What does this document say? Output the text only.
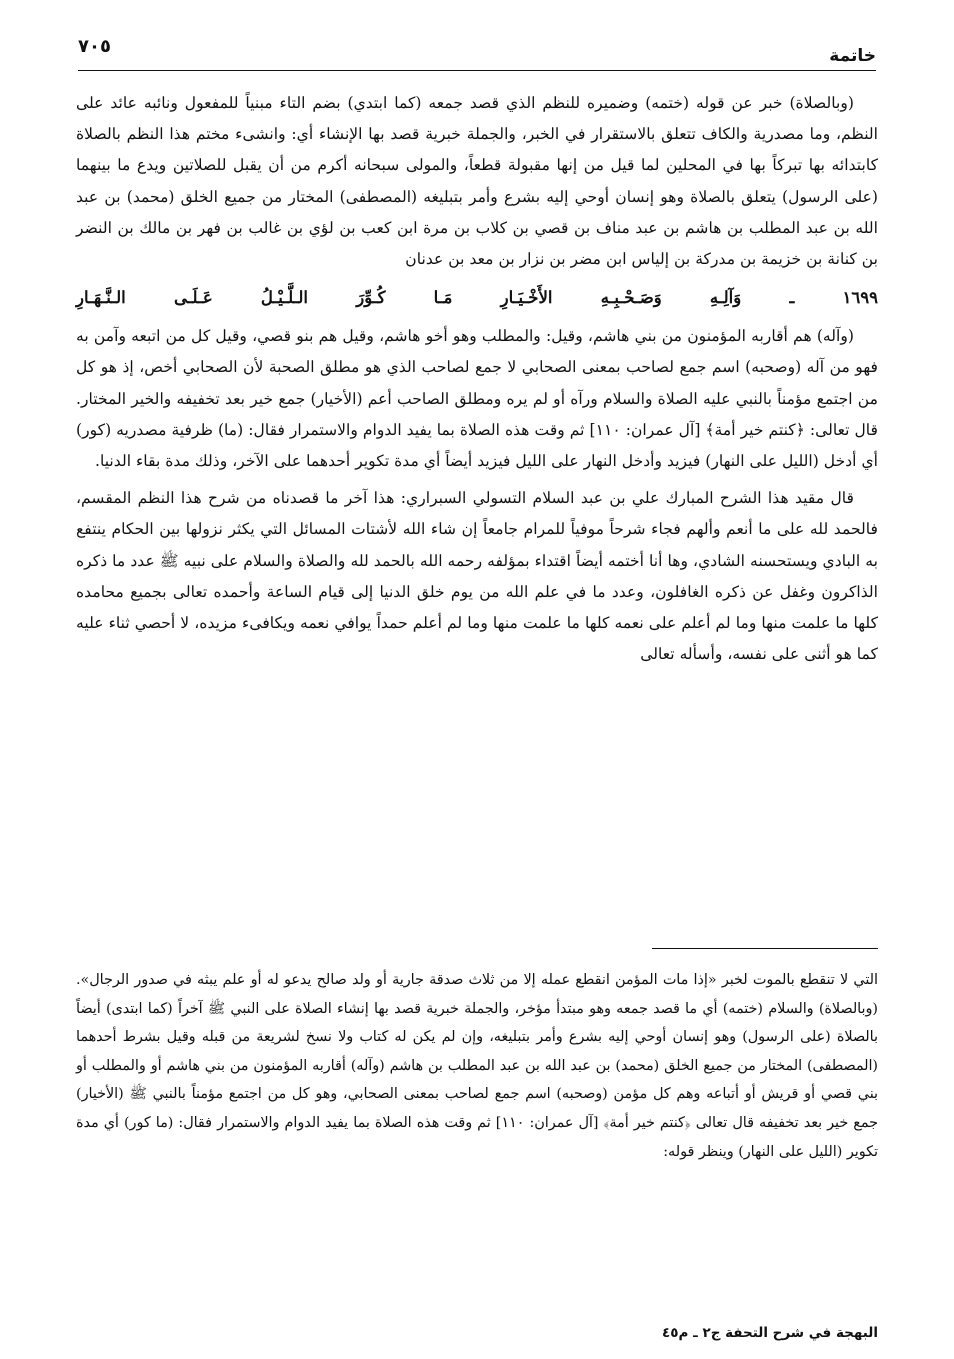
خاتمة
٧٠٥

(وبالصلاة) خبر عن قوله (ختمه) وضميره للنظم الذي قصد جمعه (كما ابتدي) بضم التاء مبنياً للمفعول ونائبه عائد على النظم، وما مصدرية والكاف تتعلق بالاستقرار في الخبر، والجملة خبرية قصد بها الإنشاء أي: وانشىء مختم هذا النظم بالصلاة كابتدائه بها تبركاً بها في المحلين لما قيل من إنها مقبولة قطعاً، والمولى سبحانه أكرم من أن يقبل للصلاتين ويدع ما بينهما (على الرسول) يتعلق بالصلاة وهو إنسان أوحي إليه بشرع وأمر بتبليغه (المصطفى) المختار من جميع الخلق (محمد) بن عبد الله بن عبد المطلب بن هاشم بن عبد مناف بن قصي بن كلاب بن مرة ابن كعب بن لؤي بن غالب بن فهر بن مالك بن النضر بن كنانة بن خزيمة بن مدركة بن إلياس ابن مضر بن نزار بن معد بن عدنان

١٦٩٩ ـ وَآلِـهِ وَصَـحْـبِـهِ الأَخْـيَـارِ مَـا كُـوِّرَ الـلَّـيْـلُ عَـلَـى الـنَّـهَـارِ

(وآله) هم أقاربه المؤمنون من بني هاشم، وقيل: والمطلب وهو أخو هاشم، وقيل هم بنو قصي، وقيل كل من اتبعه وآمن به فهو من آله (وصحبه) اسم جمع لصاحب بمعنى الصحابي لا جمع لصاحب الذي هو مطلق الصحبة لأن الصحابي أخص، إذ هو كل من اجتمع مؤمناً بالنبي عليه الصلاة والسلام ورآه أو لم يره ومطلق الصاحب أعم (الأخيار) جمع خير بعد تخفيفه والخير المختار. قال تعالى: ﴿كنتم خير أمة﴾ [آل عمران: ١١٠] ثم وقت هذه الصلاة بما يفيد الدوام والاستمرار فقال: (ما) ظرفية مصدريه (كور) أي أدخل (الليل على النهار) فيزيد وأدخل النهار على الليل فيزيد أيضاً أي مدة تكوير أحدهما على الآخر، وذلك مدة بقاء الدنيا.

قال مقيد هذا الشرح المبارك علي بن عبد السلام التسولي السبراري: هذا آخر ما قصدناه من شرح هذا النظم المقسم، فالحمد لله على ما أنعم وألهم فجاء شرحاً موفياً للمرام جامعاً إن شاء الله لأشتات المسائل التي يكثر نزولها بين الحكام ينتفع به البادي ويستحسنه الشادي، وها أنا أختمه أيضاً اقتداء بمؤلفه رحمه الله بالحمد لله والصلاة والسلام على نبيه ﷺ عدد ما ذكره الذاكرون وغفل عن ذكره الغافلون، وعدد ما في علم الله من يوم خلق الدنيا إلى قيام الساعة وأحمده تعالى بجميع محامده كلها ما علمت منها وما لم أعلم على نعمه كلها ما علمت منها وما لم أعلم حمداً يوافي نعمه ويكافىء مزيده، لا أحصي ثناء عليه كما هو أثنى على نفسه، وأسأله تعالى

التي لا تنقطع بالموت لخبر «إذا مات المؤمن انقطع عمله إلا من ثلاث صدقة جارية أو ولد صالح يدعو له أو علم يبثه في صدور الرجال». (وبالصلاة) والسلام (ختمه) أي ما قصد جمعه وهو مبتدأ مؤخر، والجملة خبرية قصد بها إنشاء الصلاة على النبي ﷺ آخراً (كما ابتدى) أيضاً بالصلاة (على الرسول) وهو إنسان أوحي إليه بشرع وأمر بتبليغه، وإن لم يكن له كتاب ولا نسخ لشريعة من قبله وقيل بشرط أحدهما (المصطفى) المختار من جميع الخلق (محمد) بن عبد الله بن عبد المطلب بن هاشم (وآله) أقاربه المؤمنون من بني هاشم أو والمطلب أو بني قصي أو قريش أو أتباعه وهم كل مؤمن (وصحبه) اسم جمع لصاحب بمعنى الصحابي، وهو كل من اجتمع مؤمناً بالنبي ﷺ (الأخيار) جمع خير بعد تخفيفه قال تعالى ﴿كنتم خير أمة﴾ [آل عمران: ١١٠] ثم وقت هذه الصلاة بما يفيد الدوام والاستمرار فقال: (ما كور) أي مدة تكوير (الليل على النهار) وينظر قوله:

البهجة في شرح التحفة ج٢ ـ م٤٥
